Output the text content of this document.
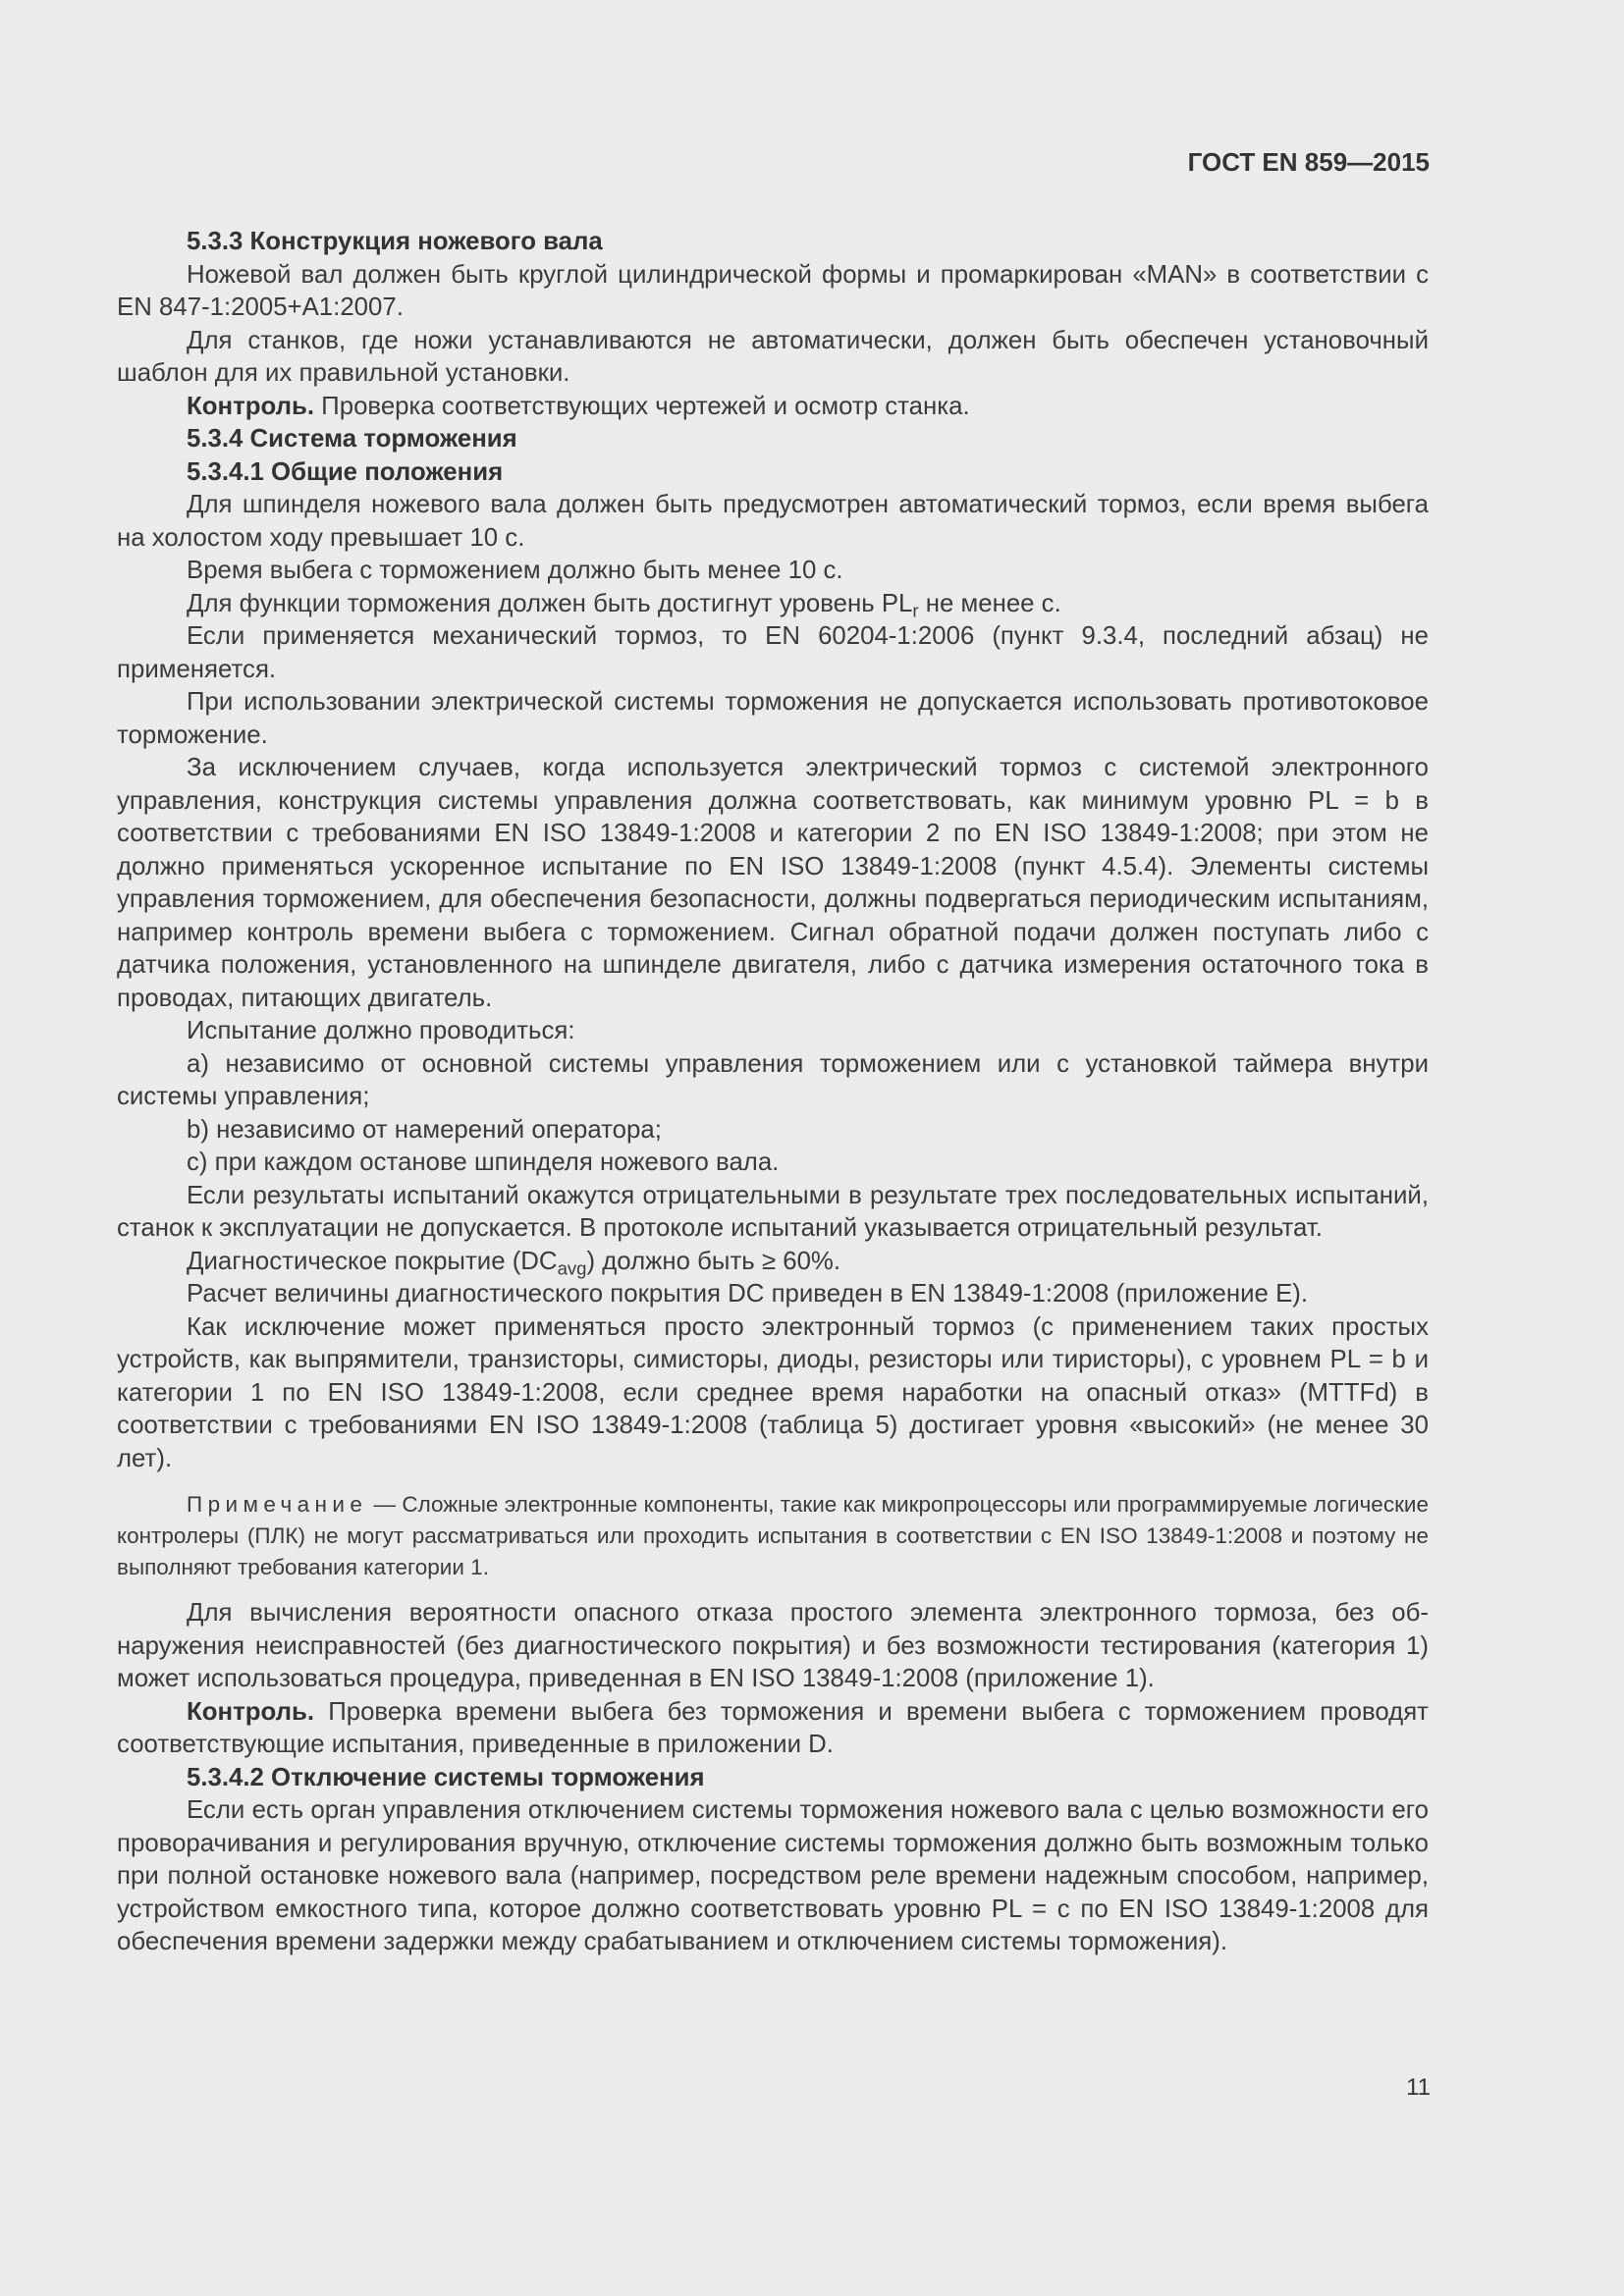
ГОСТ EN 859—2015
5.3.3 Конструкция ножевого вала

Ножевой вал должен быть круглой цилиндрической формы и промаркирован «MAN» в соответствии с EN 847-1:2005+A1:2007.

Для станков, где ножи устанавливаются не автоматически, должен быть обеспечен установочный шаблон для их правильной установки.

Контроль. Проверка соответствующих чертежей и осмотр станка.

5.3.4 Система торможения
5.3.4.1 Общие положения

Для шпинделя ножевого вала должен быть предусмотрен автоматический тормоз, если время выбега на холостом ходу превышает 10 с.

Время выбега с торможением должно быть менее 10 с.

Для функции торможения должен быть достигнут уровень $PL_r$ не менее с.

Если применяется механический тормоз, то EN 60204-1:2006 (пункт 9.3.4, последний абзац) не применяется.

При использовании электрической системы торможения не допускается использовать противотоковое торможение.

За исключением случаев, когда используется электрический тормоз с системой электронного управления, конструкция системы управления должна соответствовать, как минимум уровню PL = b в соответствии с требованиями EN ISO 13849-1:2008 и категории 2 по EN ISO 13849-1:2008; при этом не должно применяться ускоренное испытание по EN ISO 13849-1:2008 (пункт 4.5.4). Элементы системы управления торможением, для обеспечения безопасности, должны подвергаться периодическим испытаниям, например контроль времени выбега с торможением. Сигнал обратной подачи должен поступать либо с датчика положения, установленного на шпинделе двигателя, либо с датчика измерения остаточного тока в проводах, питающих двигатель.

Испытание должно проводиться:

a) независимо от основной системы управления торможением или с установкой таймера внутри системы управления;

b) независимо от намерений оператора;

c) при каждом останове шпинделя ножевого вала.

Если результаты испытаний окажутся отрицательными в результате трех последовательных испытаний, станок к эксплуатации не допускается. В протоколе испытаний указывается отрицательный результат.

Диагностическое покрытие $(DC_{avg})$ должно быть ≥ 60%.

Расчет величины диагностического покрытия DC приведен в EN 13849-1:2008 (приложение E).

Как исключение может применяться просто электронный тормоз (с применением таких простых устройств, как выпрямители, транзисторы, симисторы, диоды, резисторы или тиристоры), с уровнем PL = b и категории 1 по EN ISO 13849-1:2008, если среднее время наработки на опасный отказ» (MTTFd) в соответствии с требованиями EN ISO 13849-1:2008 (таблица 5) достигает уровня «высокий» (не менее 30 лет).

Примечание — Сложные электронные компоненты, такие как микропроцессоры или программируемые логические контролеры (ПЛК) не могут рассматриваться или проходить испытания в соответствии с EN ISO 13849-1:2008 и поэтому не выполняют требования категории 1.

Для вычисления вероятности опасного отказа простого элемента электронного тормоза, без обнаружения неисправностей (без диагностического покрытия) и без возможности тестирования (категория 1) может использоваться процедура, приведенная в EN ISO 13849-1:2008 (приложение 1).

Контроль. Проверка времени выбега без торможения и времени выбега с торможением проводят соответствующие испытания, приведенные в приложении D.

5.3.4.2 Отключение системы торможения

Если есть орган управления отключением системы торможения ножевого вала с целью возможности его проворачивания и регулирования вручную, отключение системы торможения должно быть возможным только при полной остановке ножевого вала (например, посредством реле времени надежным способом, например, устройством емкостного типа, которое должно соответствовать уровню PL = c по EN ISO 13849-1:2008 для обеспечения времени задержки между срабатыванием и отключением системы торможения).

11
